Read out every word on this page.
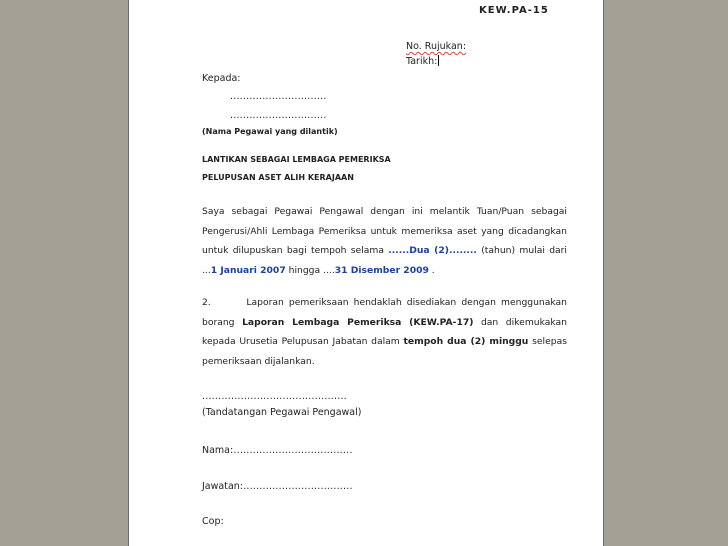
KEW.PA-15
No. Rujukan:
Tarikh:
Kepada:
..............................
..............................
(Nama Pegawai yang dilantik)
LANTIKAN SEBAGAI LEMBAGA PEMERIKSA
PELUPUSAN ASET ALIH KERAJAAN
Saya sebagai Pegawai Pengawal dengan ini melantik Tuan/Puan sebagai Pengerusi/Ahli Lembaga Pemeriksa untuk memeriksa aset yang dicadangkan untuk dilupuskan bagi tempoh selama ......Dua (2)........ (tahun) mulai dari ...1 Januari 2007 hingga ....31 Disember 2009 .
2.	Laporan pemeriksaan hendaklah disediakan dengan menggunakan borang Laporan Lembaga Pemeriksa (KEW.PA-17) dan dikemukakan kepada Urusetia Pelupusan Jabatan dalam tempoh dua (2) minggu selepas pemeriksaan dijalankan.
.............................................
(Tandatangan Pegawai Pengawal)
Nama:.....................................
Jawatan:..................................
Cop:
